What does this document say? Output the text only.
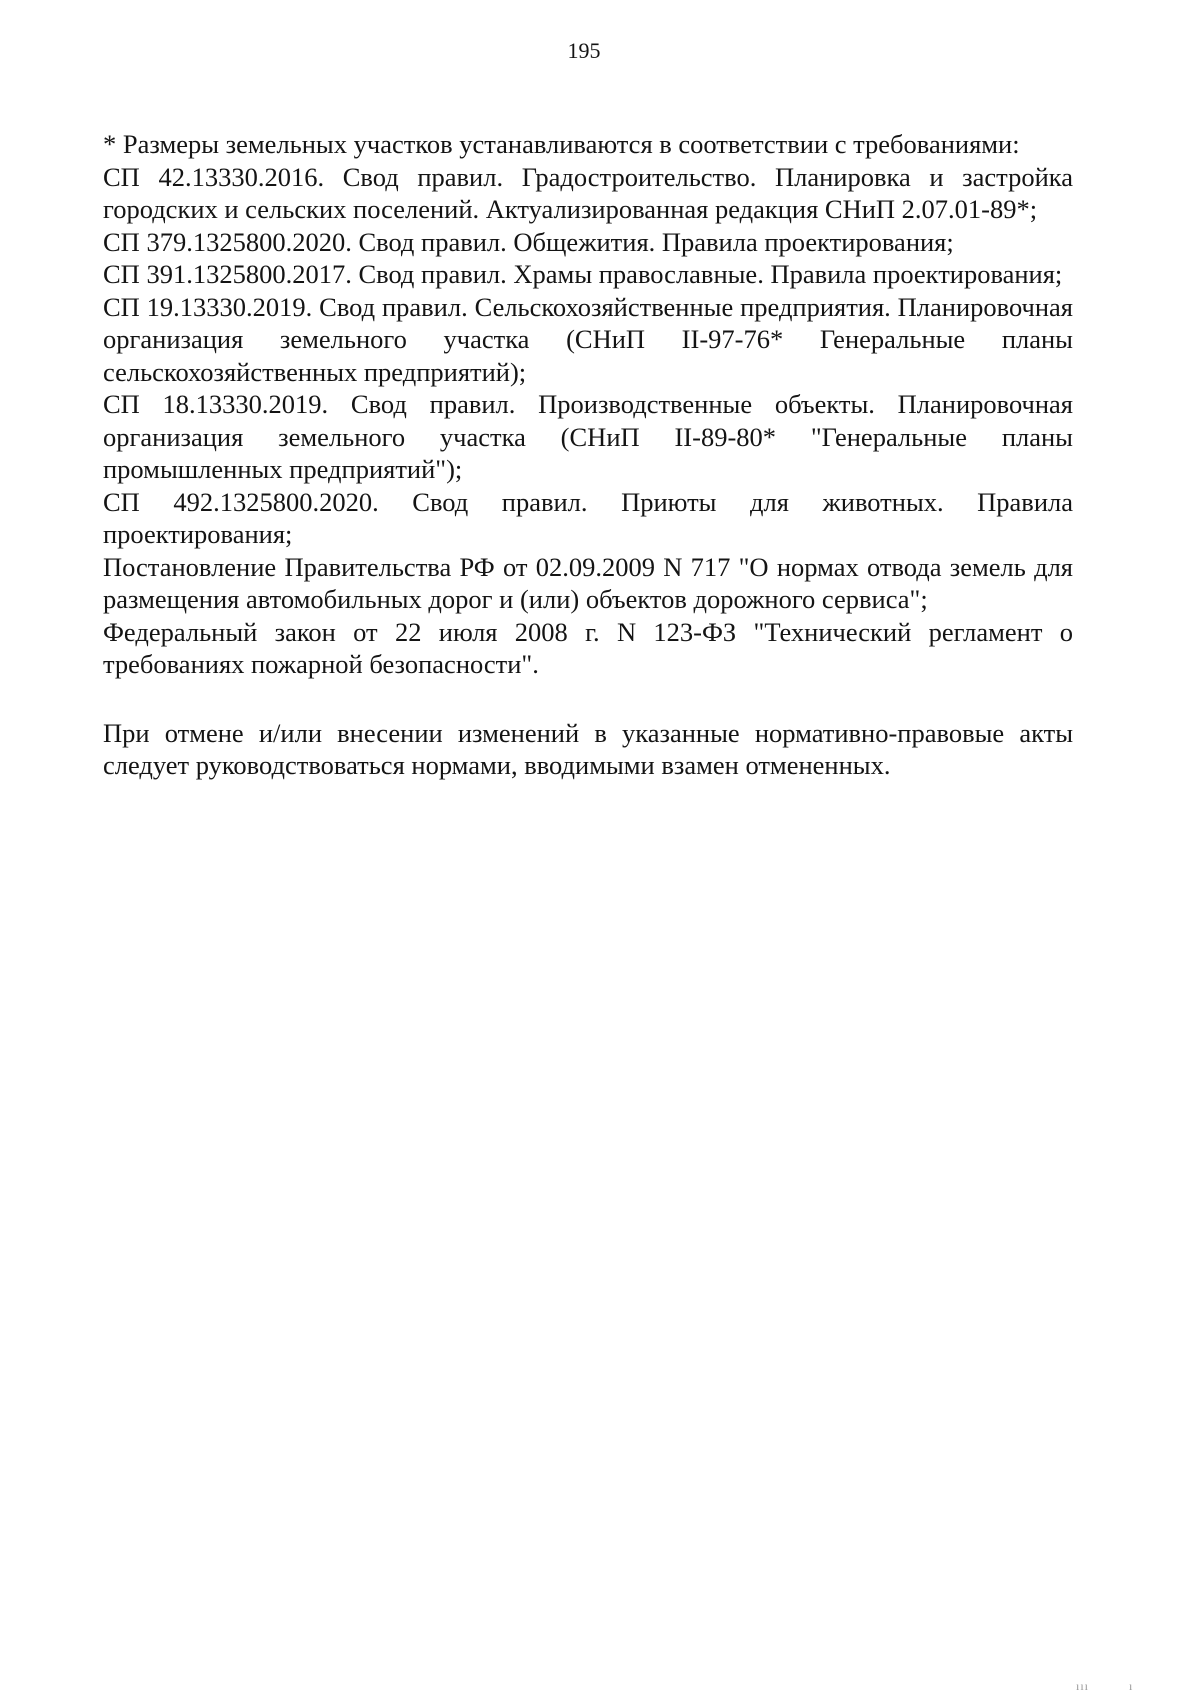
195

* Размеры земельных участков устанавливаются в соответствии с требованиями:

СП 42.13330.2016. Свод правил. Градостроительство. Планировка и застройка городских и сельских поселений. Актуализированная редакция СНиП 2.07.01-89*;

СП 379.1325800.2020. Свод правил. Общежития. Правила проектирования;

СП 391.1325800.2017. Свод правил. Храмы православные. Правила проектирования;

СП 19.13330.2019. Свод правил. Сельскохозяйственные предприятия. Планировочная организация земельного участка (СНиП II-97-76* Генеральные планы сельскохозяйственных предприятий);

СП 18.13330.2019. Свод правил. Производственные объекты. Планировочная организация земельного участка (СНиП II-89-80* "Генеральные планы промышленных предприятий");

СП 492.1325800.2020. Свод правил. Приюты для животных. Правила проектирования;

Постановление Правительства РФ от 02.09.2009 N 717 "О нормах отвода земель для размещения автомобильных дорог и (или) объектов дорожного сервиса";

Федеральный закон от 22 июля 2008 г. N 123-ФЗ "Технический регламент о требованиях пожарной безопасности".

При отмене и/или внесении изменений в указанные нормативно-правовые акты следует руководствоваться нормами, вводимыми взамен отмененных.

ııı          ı
